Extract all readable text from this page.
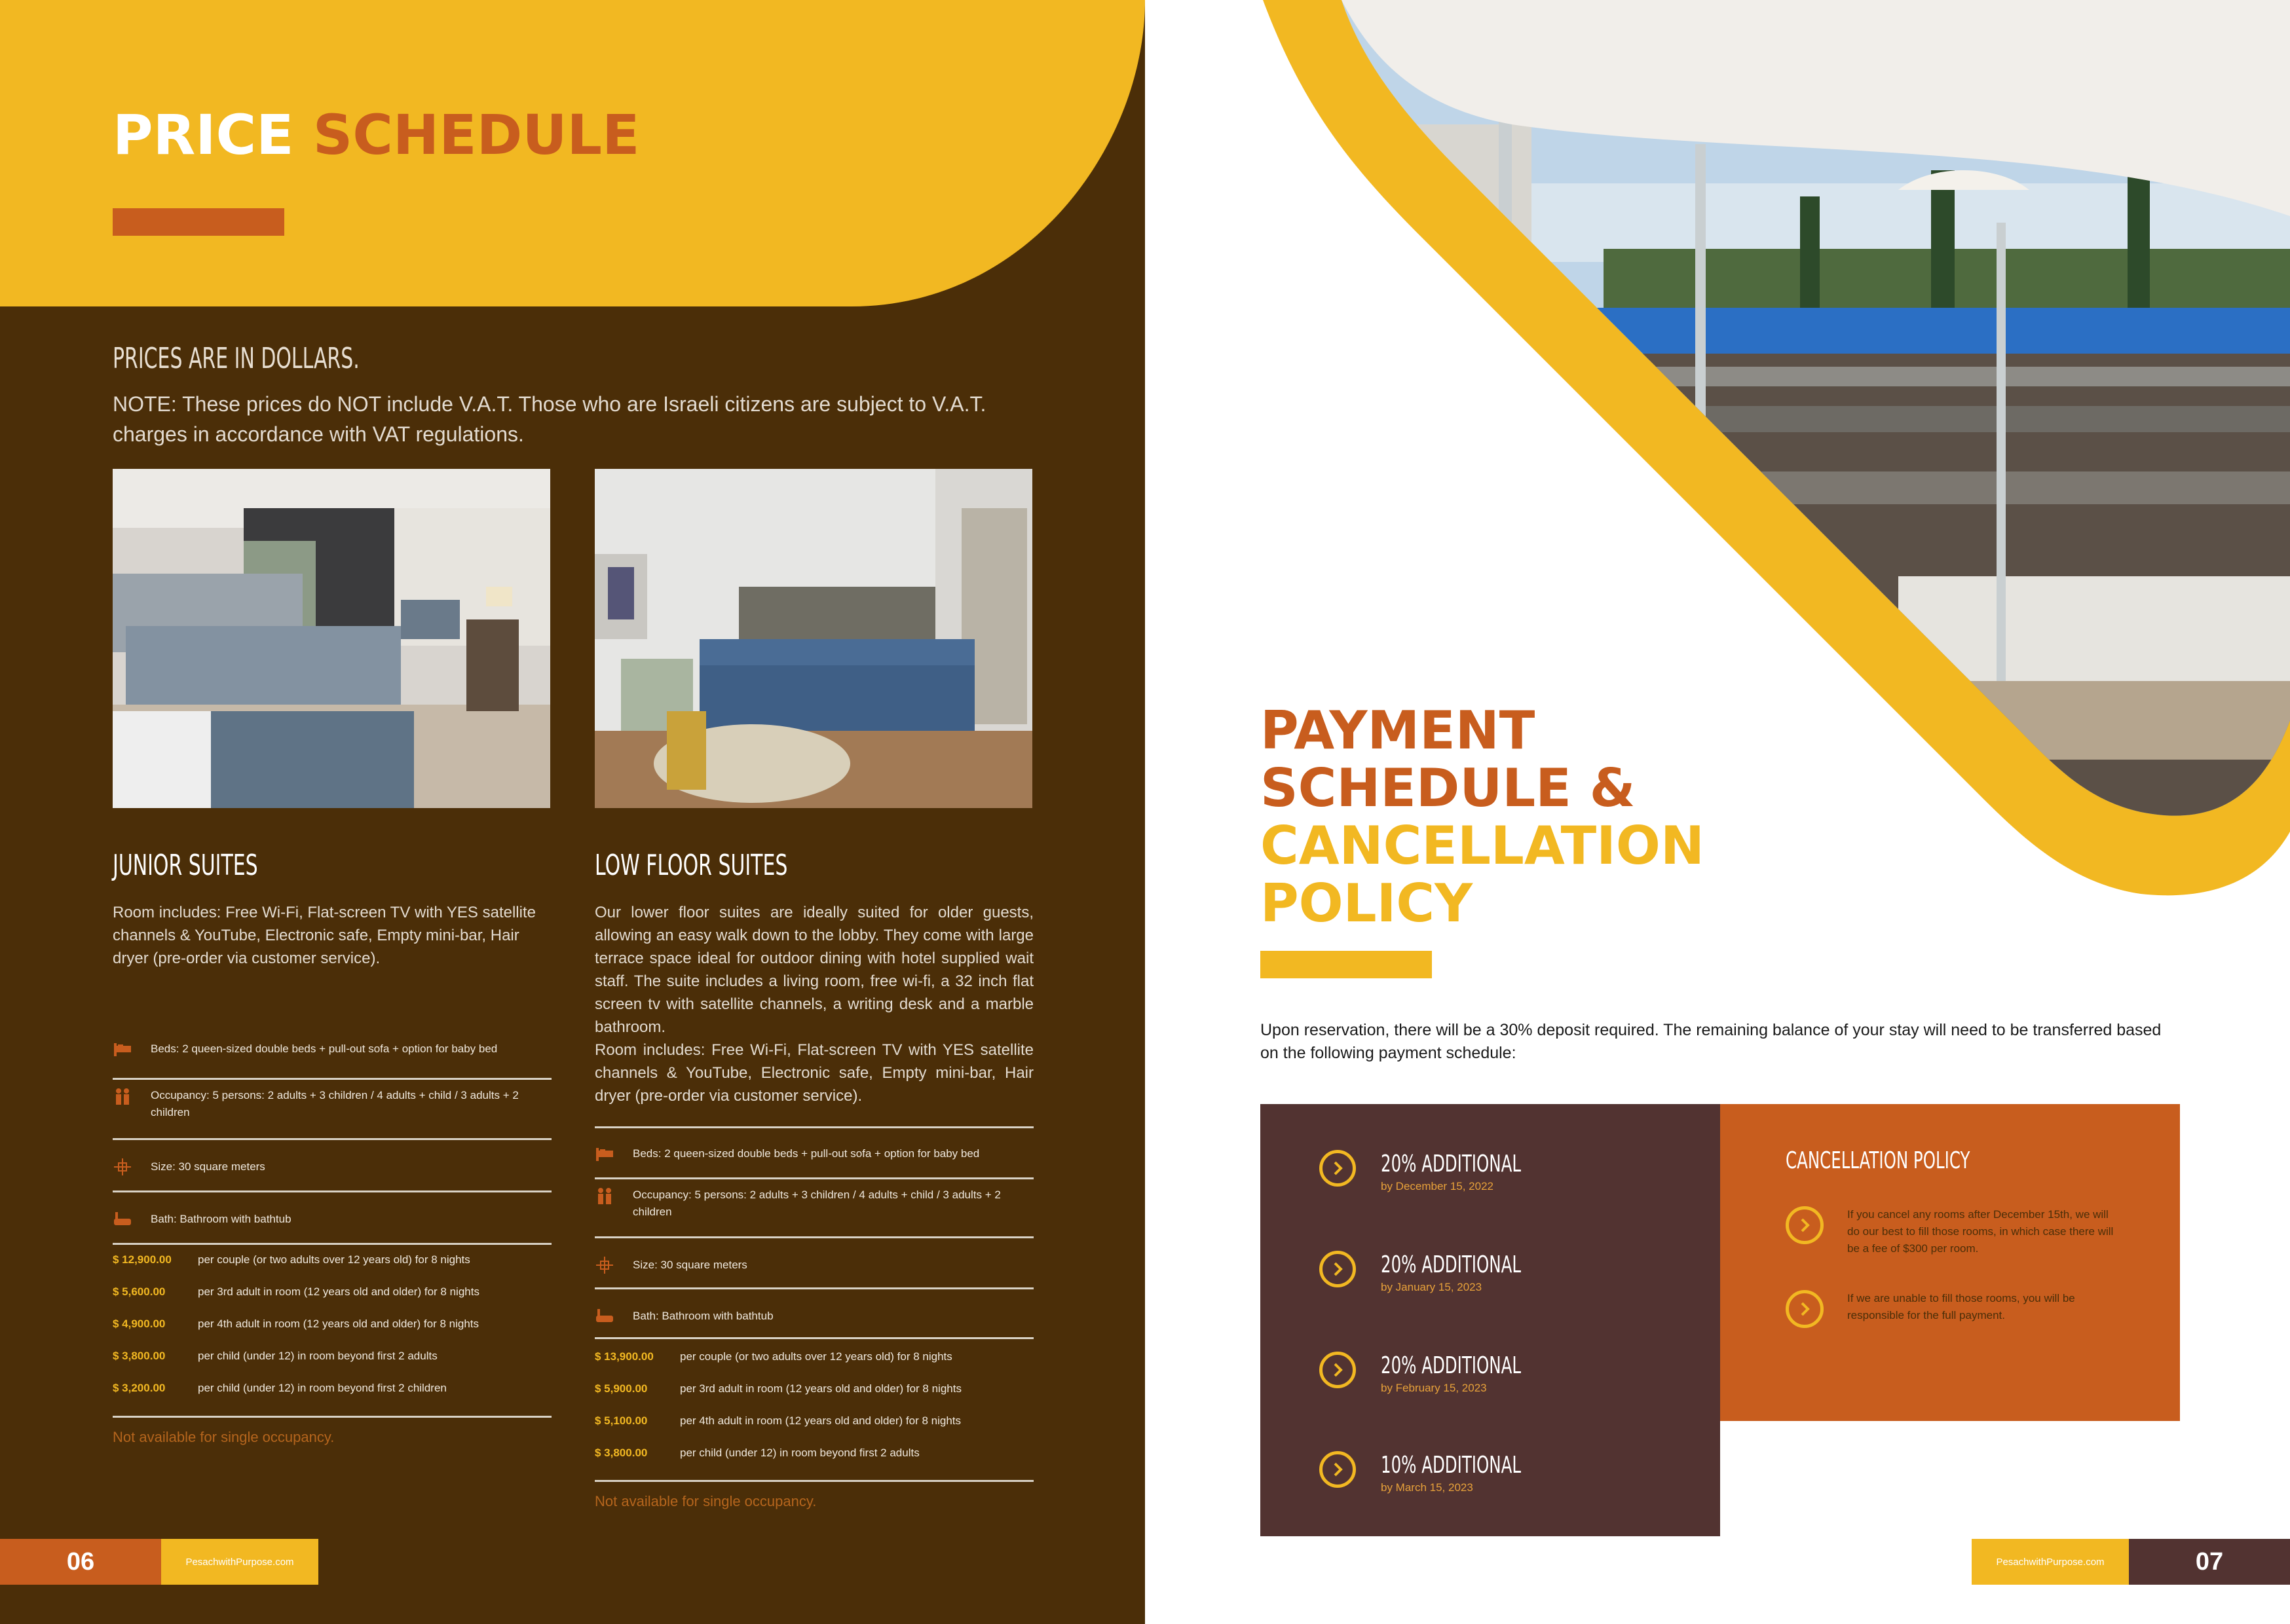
PRICE SCHEDULE
PRICES ARE IN DOLLARS.
NOTE: These prices do NOT include V.A.T. Those who are Israeli citizens are subject to V.A.T. charges in accordance with VAT regulations.
JUNIOR SUITES
Room includes: Free Wi-Fi, Flat-screen TV with YES satellite channels & YouTube, Electronic safe, Empty mini-bar, Hair dryer (pre-order via customer service).
Beds: 2 queen-sized double beds + pull-out sofa + option for baby bed
Occupancy: 5 persons: 2 adults + 3 children / 4 adults + child / 3 adults + 2 children
Size: 30 square meters
Bath: Bathroom with bathtub
$ 12,900.00 per couple (or two adults over 12 years old) for 8 nights
$ 5,600.00	per 3rd adult in room (12 years old and older) for 8 nights
$ 4,900.00	per 4th adult in room (12 years old and older) for 8 nights
$ 3,800.00	per child (under 12) in room beyond first 2 adults
$ 3,200.00	per child (under 12) in room beyond first 2 children
Not available for single occupancy.
LOW FLOOR SUITES
Our lower floor suites are ideally suited for older guests, allowing an easy walk down to the lobby. They come with large terrace space ideal for outdoor dining with hotel supplied wait staff. The suite includes a living room, free wi-fi, a 32 inch flat screen tv with satellite channels, a writing desk and a marble bathroom.
Room includes: Free Wi-Fi, Flat-screen TV with YES satellite channels & YouTube, Electronic safe, Empty mini-bar, Hair dryer (pre-order via customer service).
Beds: 2 queen-sized double beds + pull-out sofa + option for baby bed
Occupancy: 5 persons: 2 adults + 3 children / 4 adults + child / 3 adults + 2 children
Size: 30 square meters
Bath: Bathroom with bathtub
$ 13,900.00 per couple (or two adults over 12 years old) for 8 nights
$ 5,900.00	per 3rd adult in room (12 years old and older) for 8 nights
$ 5,100.00	per 4th adult in room (12 years old and older) for 8 nights
$ 3,800.00	per child (under 12) in room beyond first 2 adults
Not available for single occupancy.
06	PesachwithPurpose.com
PAYMENT
SCHEDULE &
CANCELLATION
POLICY
Upon reservation, there will be a 30% deposit required. The remaining balance of your stay will need to be transferred based on the following payment schedule:
20% ADDITIONAL
by December 15, 2022
20% ADDITIONAL
by January 15, 2023
20% ADDITIONAL
by February 15, 2023
10% ADDITIONAL
by March 15, 2023
CANCELLATION POLICY
If you cancel any rooms after December 15th, we will do our best to fill those rooms, in which case there will be a fee of $300 per room.
If we are unable to fill those rooms, you will be responsible for the full payment.
PesachwithPurpose.com	07
